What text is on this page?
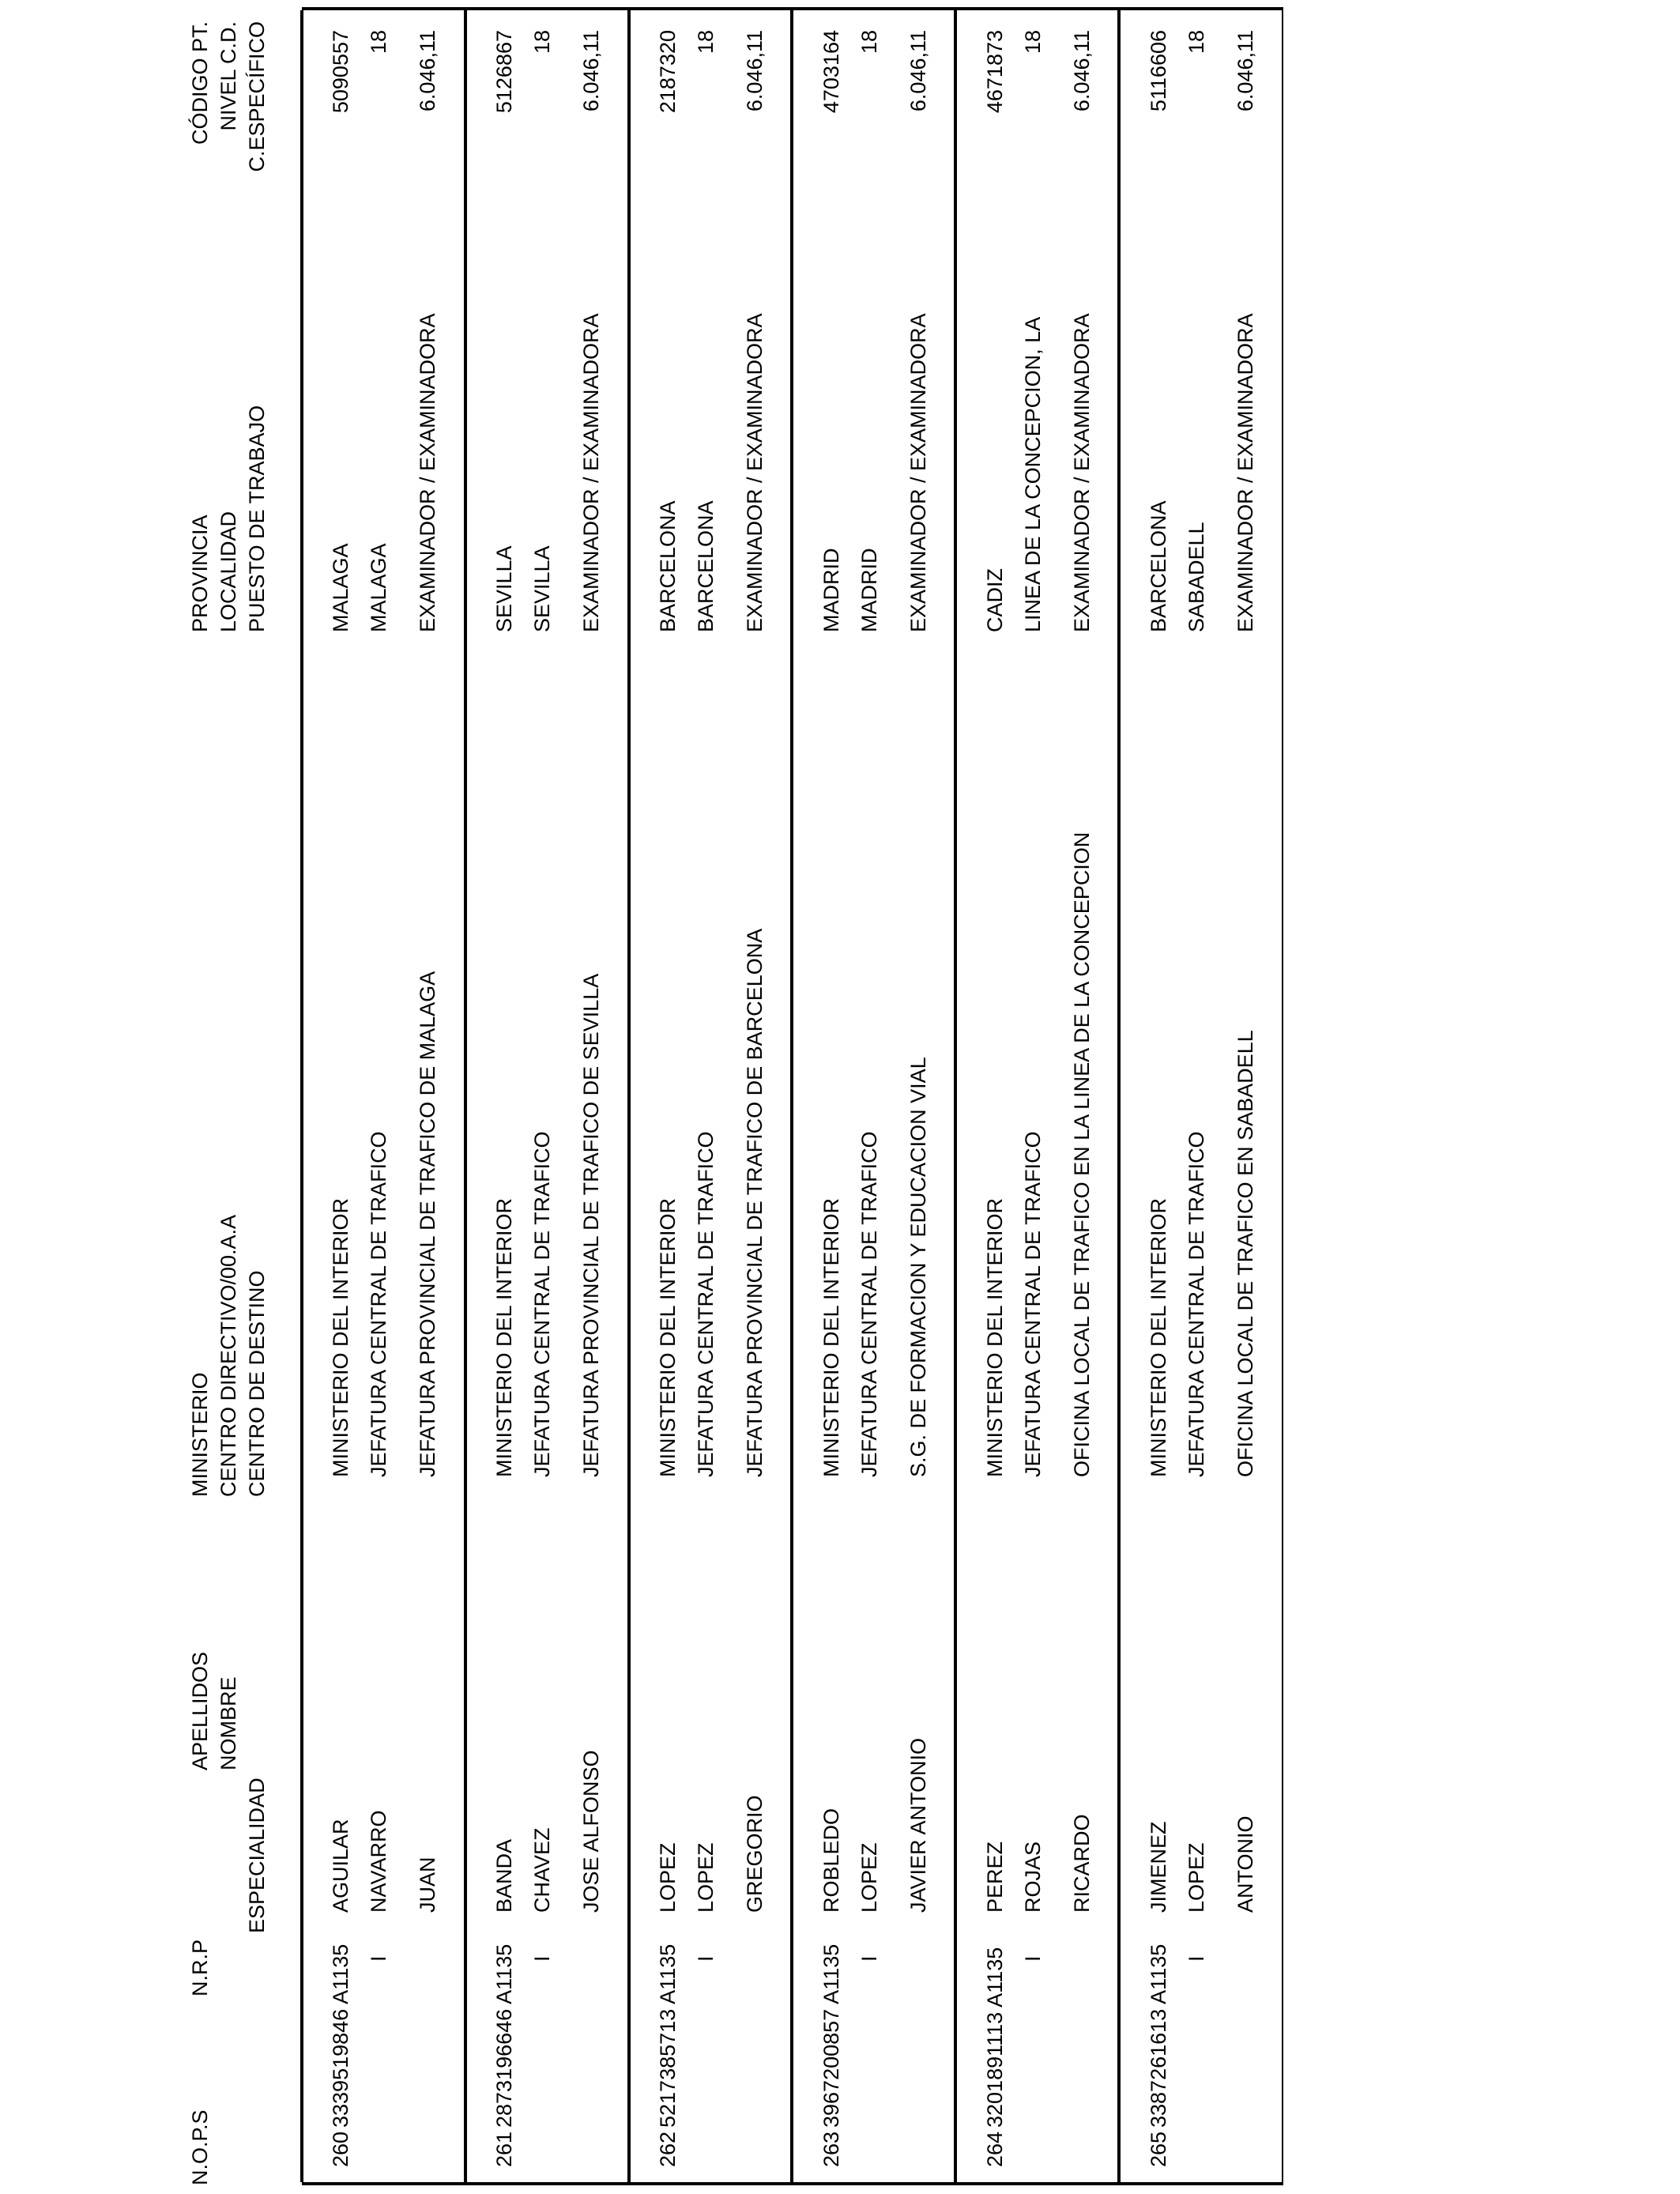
N.O.P.S
N.R.P
ESPECIALIDAD
APELLIDOS NOMBRE
MINISTERIO CENTRO DIRECTIVO/00.A.A CENTRO DE DESTINO
PROVINCIA LOCALIDAD PUESTO DE TRABAJO
CÓDIGO PT. NIVEL C.D. C.ESPECÍFICO
260
3339519846 A1135 I
AGUILAR NAVARRO JUAN
MINISTERIO DEL INTERIOR JEFATURA CENTRAL DE TRAFICO JEFATURA PROVINCIAL DE TRAFICO DE MALAGA
MALAGA MALAGA EXAMINADOR / EXAMINADORA
5090557 18 6.046,11
261
2873196646 A1135 I
BANDA CHAVEZ JOSE ALFONSO
MINISTERIO DEL INTERIOR JEFATURA CENTRAL DE TRAFICO JEFATURA PROVINCIAL DE TRAFICO DE SEVILLA
SEVILLA SEVILLA EXAMINADOR / EXAMINADORA
5126867 18 6.046,11
262
5217385713 A1135 I
LOPEZ LOPEZ GREGORIO
MINISTERIO DEL INTERIOR JEFATURA CENTRAL DE TRAFICO JEFATURA PROVINCIAL DE TRAFICO DE BARCELONA
BARCELONA BARCELONA EXAMINADOR / EXAMINADORA
2187320 18 6.046,11
263
3967200857 A1135 I
ROBLEDO LOPEZ JAVIER ANTONIO
MINISTERIO DEL INTERIOR JEFATURA CENTRAL DE TRAFICO S.G. DE FORMACION Y EDUCACION VIAL
MADRID MADRID EXAMINADOR / EXAMINADORA
4703164 18 6.046,11
264
3201891113 A1135 I
PEREZ ROJAS RICARDO
MINISTERIO DEL INTERIOR JEFATURA CENTRAL DE TRAFICO OFICINA LOCAL DE TRAFICO EN LA LINEA DE LA CONCEPCION
CADIZ LINEA DE LA CONCEPCION, LA EXAMINADOR / EXAMINADORA
4671873 18 6.046,11
265
3387261613 A1135 I
JIMENEZ LOPEZ ANTONIO
MINISTERIO DEL INTERIOR JEFATURA CENTRAL DE TRAFICO OFICINA LOCAL DE TRAFICO EN SABADELL
BARCELONA SABADELL EXAMINADOR / EXAMINADORA
5116606 18 6.046,11
